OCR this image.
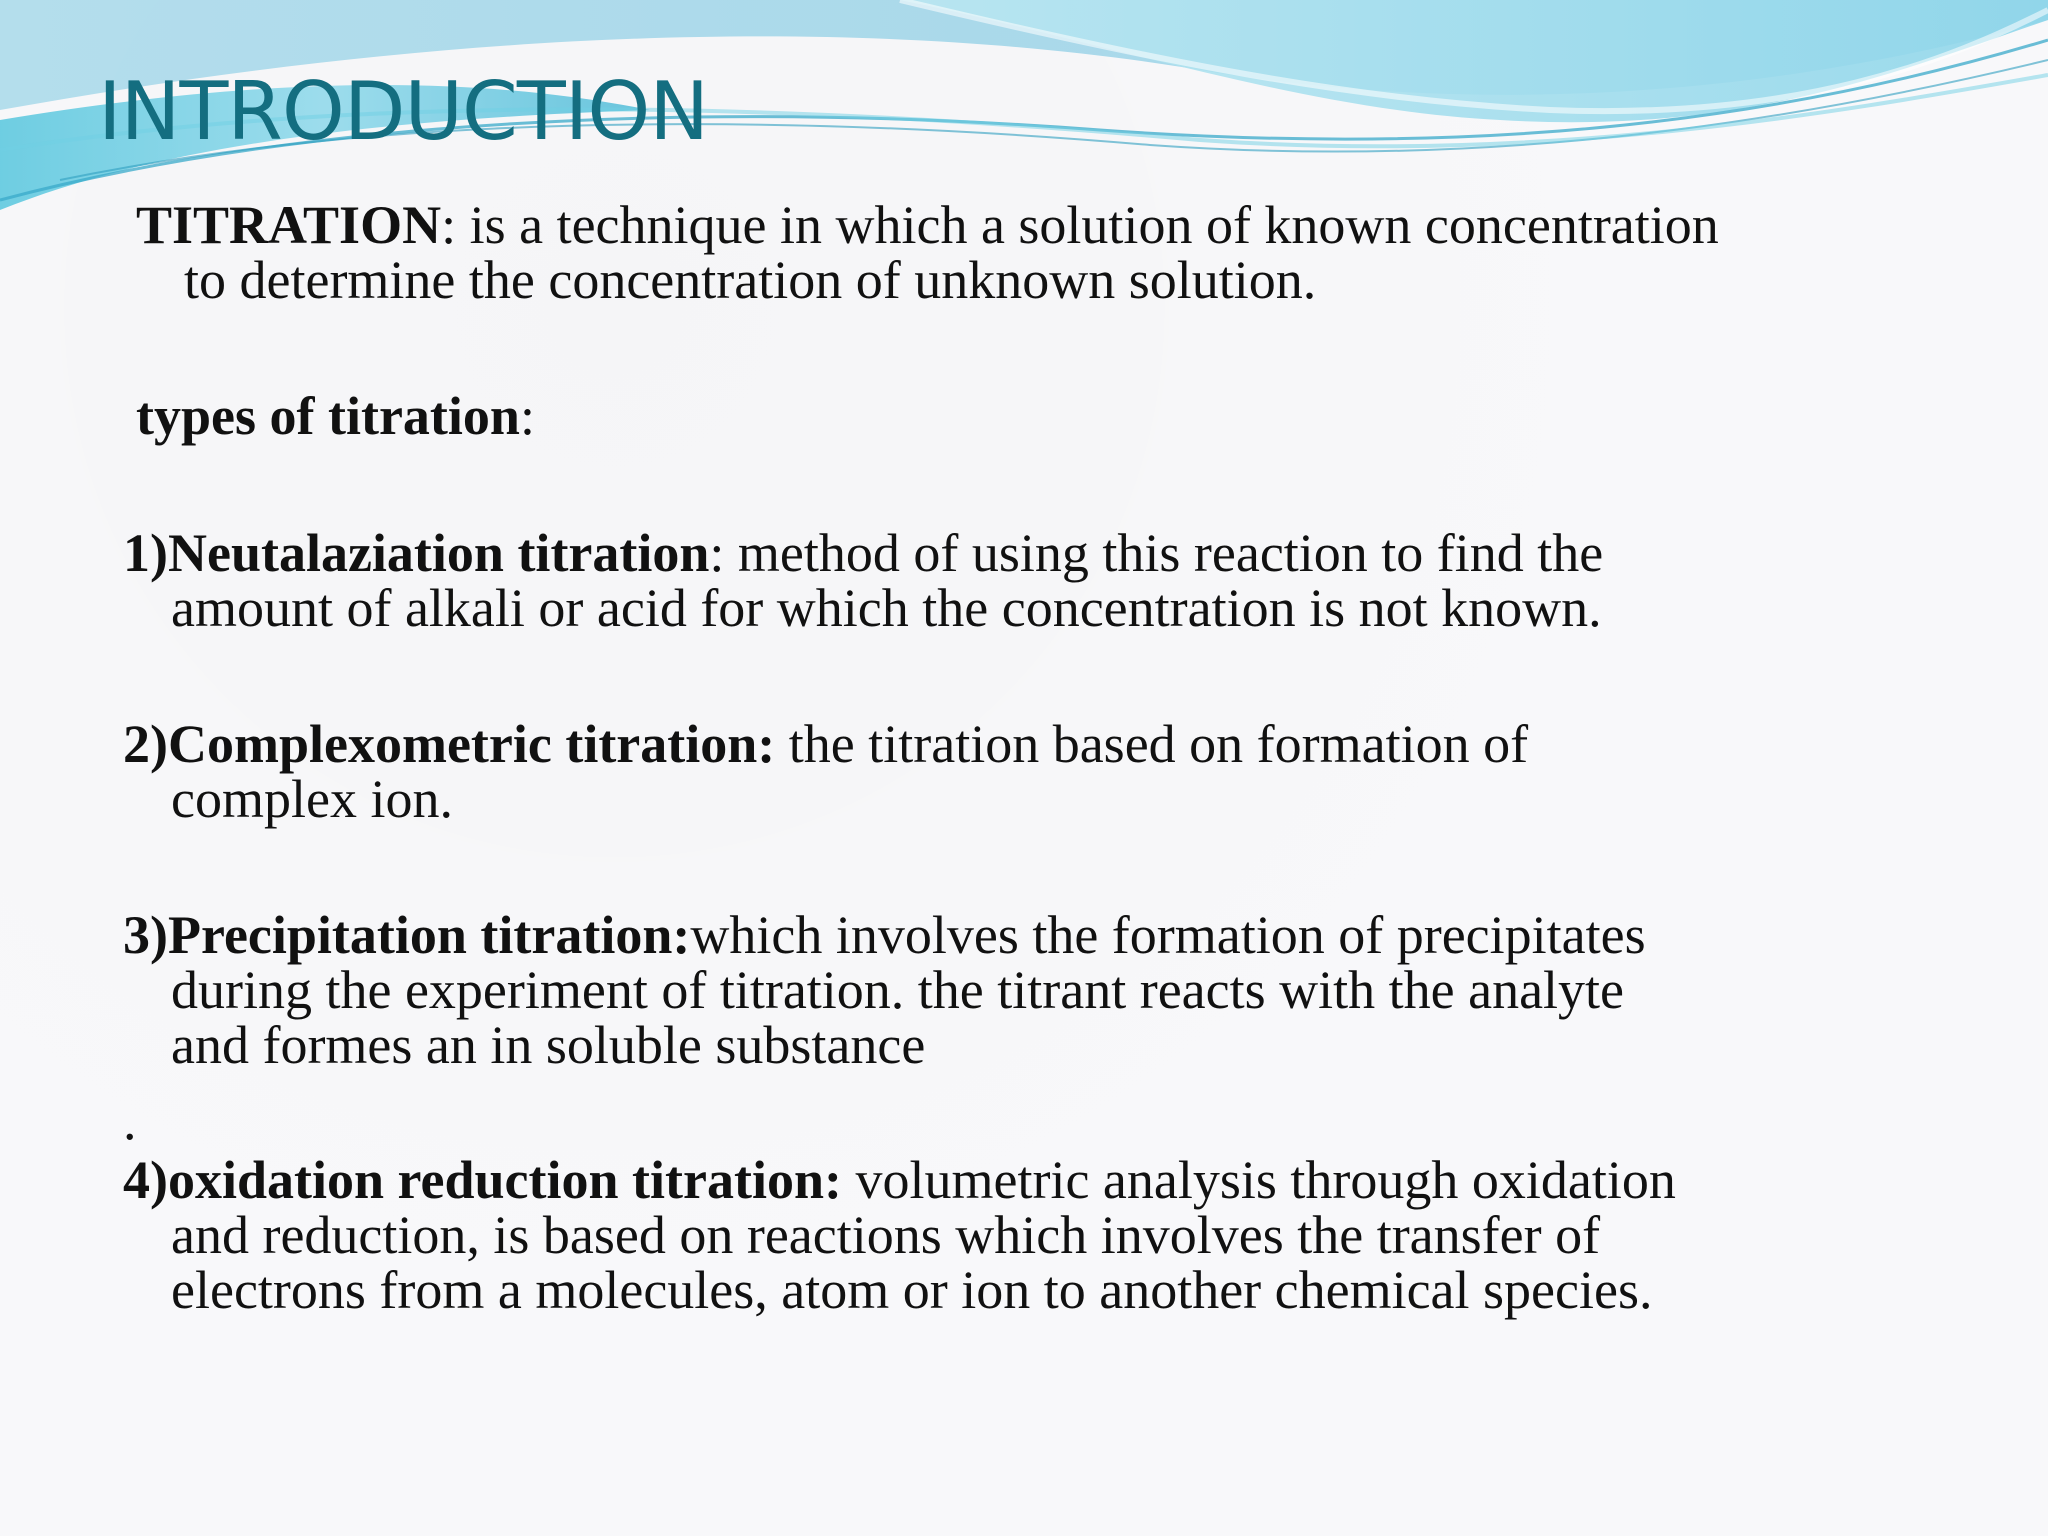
INTRODUCTION

TITRATION: is a technique in which a solution of known concentration
to determine the concentration of unknown solution.

types of titration:

1)Neutalaziation titration: method of using this reaction to find the
amount of alkali or acid for which the concentration is not known.

2)Complexometric titration: the titration based on formation of
complex ion.

3)Precipitation titration:which involves the formation of precipitates
during the experiment of titration. the titrant reacts with the analyte
and formes an in soluble substance

.

4)oxidation reduction titration: volumetric analysis through oxidation
and reduction, is based on reactions which involves the transfer of
electrons from a molecules, atom or ion to another chemical species.
